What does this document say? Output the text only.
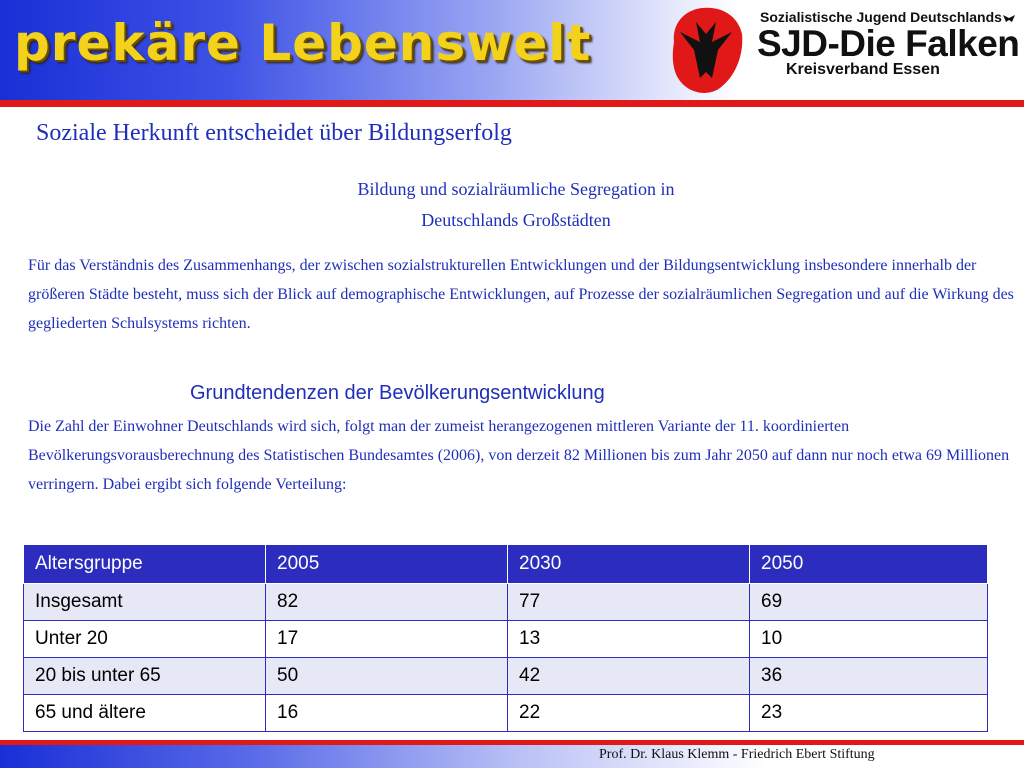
prekäre Lebenswelt	Sozialistische Jugend Deutschlands
SJD-Die Falken
Kreisverband Essen
Soziale Herkunft entscheidet über Bildungserfolg
Bildung und sozialräumliche Segregation in
Deutschlands Großstädten
Für das Verständnis des Zusammenhangs, der zwischen sozialstrukturellen Entwicklungen und der Bildungsentwicklung insbesondere innerhalb der größeren Städte besteht, muss sich der Blick auf demographische Entwicklungen, auf Prozesse der sozialräumlichen Segregation und auf die Wirkung des gegliederten Schulsystems richten.
Grundtendenzen der Bevölkerungsentwicklung
Die Zahl der Einwohner Deutschlands wird sich, folgt man der zumeist herangezogenen mittleren Variante der 11. koordinierten Bevölkerungsvorausberechnung des Statistischen Bundesamtes (2006), von derzeit 82 Millionen bis zum Jahr 2050 auf dann nur noch etwa 69 Millionen verringern. Dabei ergibt sich folgende Verteilung:
Altersgruppe	2005	2030	2050
Insgesamt	82	77	69
Unter 20	17	13	10
20 bis unter 65	50	42	36
65 und ältere	16	22	23
Prof. Dr. Klaus Klemm - Friedrich Ebert Stiftung
